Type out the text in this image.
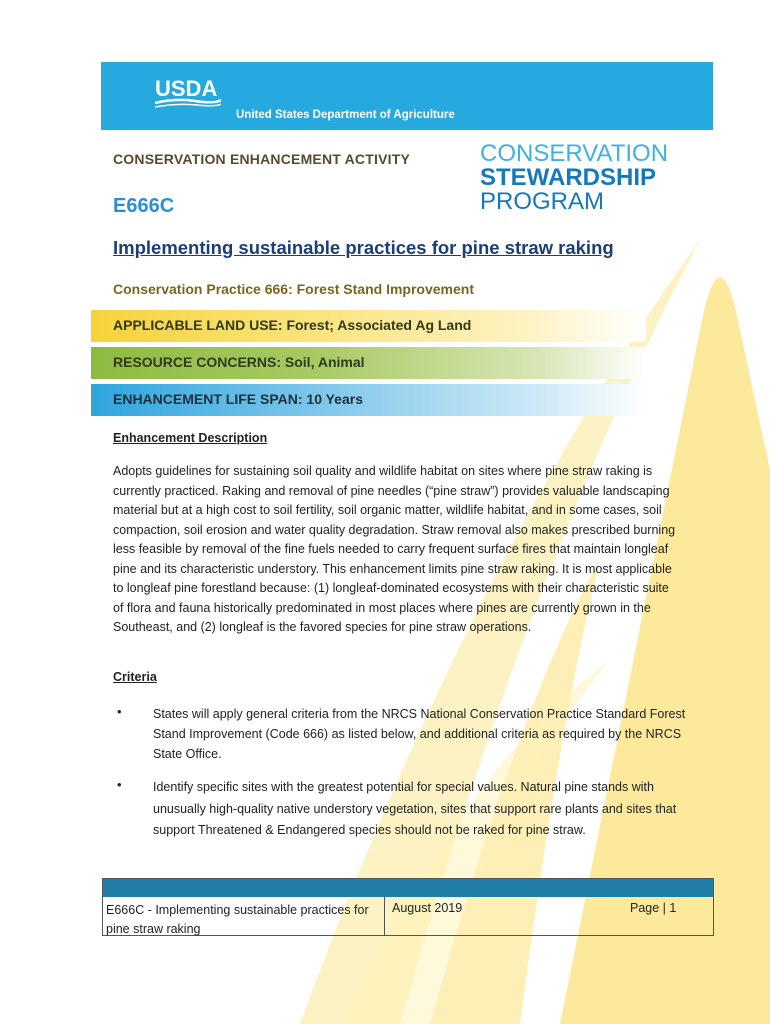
USDA
United States Department of Agriculture
CONSERVATION ENHANCEMENT ACTIVITY
E666C
CONSERVATION
STEWARDSHIP
PROGRAM
Implementing sustainable practices for pine straw raking
Conservation Practice 666: Forest Stand Improvement
APPLICABLE LAND USE: Forest; Associated Ag Land
RESOURCE CONCERNS: Soil, Animal
ENHANCEMENT LIFE SPAN: 10 Years
Enhancement Description
Adopts guidelines for sustaining soil quality and wildlife habitat on sites where pine straw raking is currently practiced. Raking and removal of pine needles (“pine straw”) provides valuable landscaping material but at a high cost to soil fertility, soil organic matter, wildlife habitat, and in some cases, soil compaction, soil erosion and water quality degradation. Straw removal also makes prescribed burning less feasible by removal of the fine fuels needed to carry frequent surface fires that maintain longleaf pine and its characteristic understory. This enhancement limits pine straw raking. It is most applicable to longleaf pine forestland because: (1) longleaf-dominated ecosystems with their characteristic suite of flora and fauna historically predominated in most places where pines are currently grown in the Southeast, and (2) longleaf is the favored species for pine straw operations.
Criteria
•	States will apply general criteria from the NRCS National Conservation Practice Standard Forest Stand Improvement (Code 666) as listed below, and additional criteria as required by the NRCS State Office.
•	Identify specific sites with the greatest potential for special values. Natural pine stands with unusually high-quality native understory vegetation, sites that support rare plants and sites that support Threatened & Endangered species should not be raked for pine straw.
E666C - Implementing sustainable practices for pine straw raking
August 2019	Page | 1
